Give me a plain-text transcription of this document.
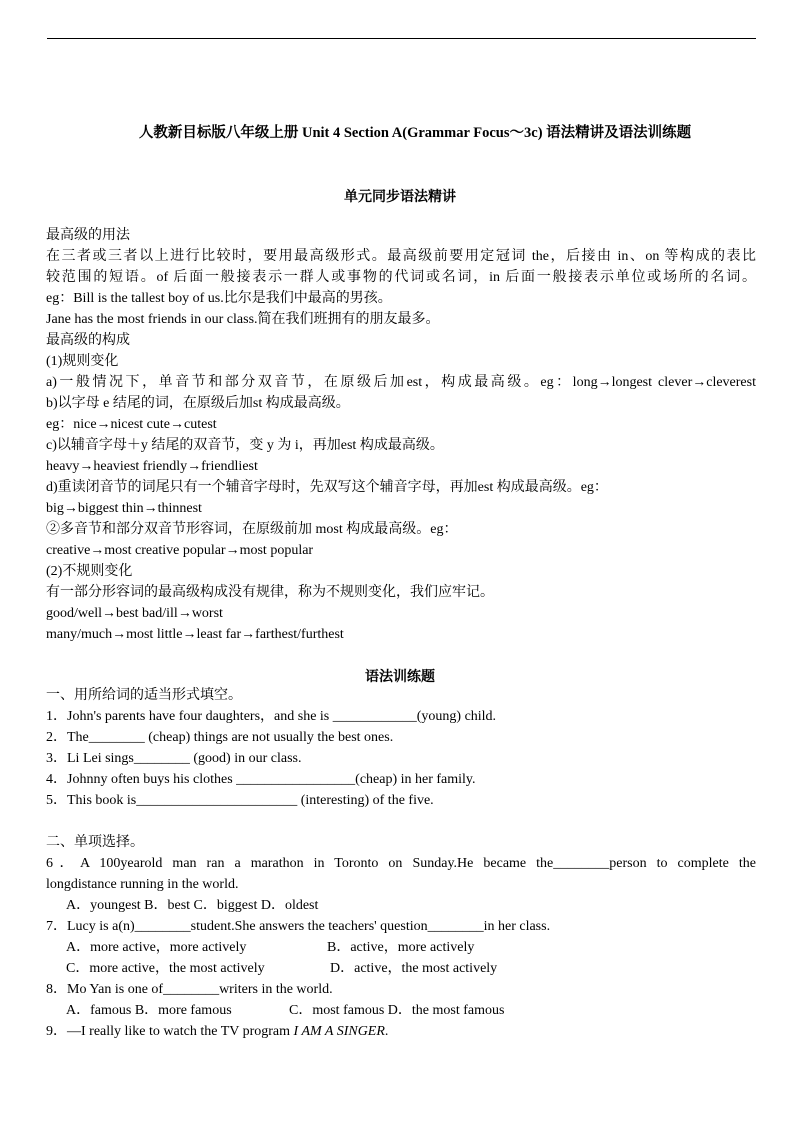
人教新目标版八年级上册 Unit 4 Section A(Grammar Focus～3c) 语法精讲及语法训练题
单元同步语法精讲
最高级的用法
在三者或三者以上进行比较时，要用最高级形式。最高级前要用定冠词 the，后接由 in、on 等构成的表比
较范围的短语。of 后面一般接表示一群人或事物的代词或名词，in 后面一般接表示单位或场所的名词。
eg：Bill is the tallest boy of us.比尔是我们中最高的男孩。
Jane has the most friends in our class.简在我们班拥有的朋友最多。
最高级的构成
(1)规则变化
a)一般情况下，单音节和部分双音节，在原级后加est，构成最高级。eg：long→longest clever→cleverest
b)以字母 e 结尾的词，在原级后加st 构成最高级。
eg：nice→nicest cute→cutest
c)以辅音字母＋y 结尾的双音节，变 y 为 i，再加est 构成最高级。
heavy→heaviest friendly→friendliest
d)重读闭音节的词尾只有一个辅音字母时，先双写这个辅音字母，再加est 构成最高级。eg：
big→biggest thin→thinnest
②多音节和部分双音节形容词，在原级前加 most 构成最高级。eg：
creative→most creative popular→most popular
(2)不规则变化
有一部分形容词的最高级构成没有规律，称为不规则变化，我们应牢记。
good/well→best bad/ill→worst
many/much→most little→least far→farthest/furthest
语法训练题
一、用所给词的适当形式填空。
1．John's parents have four daughters，and she is ____________(young) child.
2．The________ (cheap) things are not usually the best ones.
3．Li Lei sings________ (good) in our class.
4．Johnny often buys his clothes _________________(cheap) in her family.
5．This book is_______________________ (interesting) of the five.
二、单项选择。
6．A 100yearold man ran a marathon in Toronto on Sunday.He became the________person to complete the
longdistance running in the world.
A．youngest B．best C．biggest D．oldest
7．Lucy is a(n)________student.She answers the teachers' question________in her class.
A．more active，more actively	B．active，more actively
C．more active，the most actively	D．active，the most actively
8．Mo Yan is one of________writers in the world.
A．famous B．more famous	C．most famous D．the most famous
9．—I really like to watch the TV program I AM A SINGER.
